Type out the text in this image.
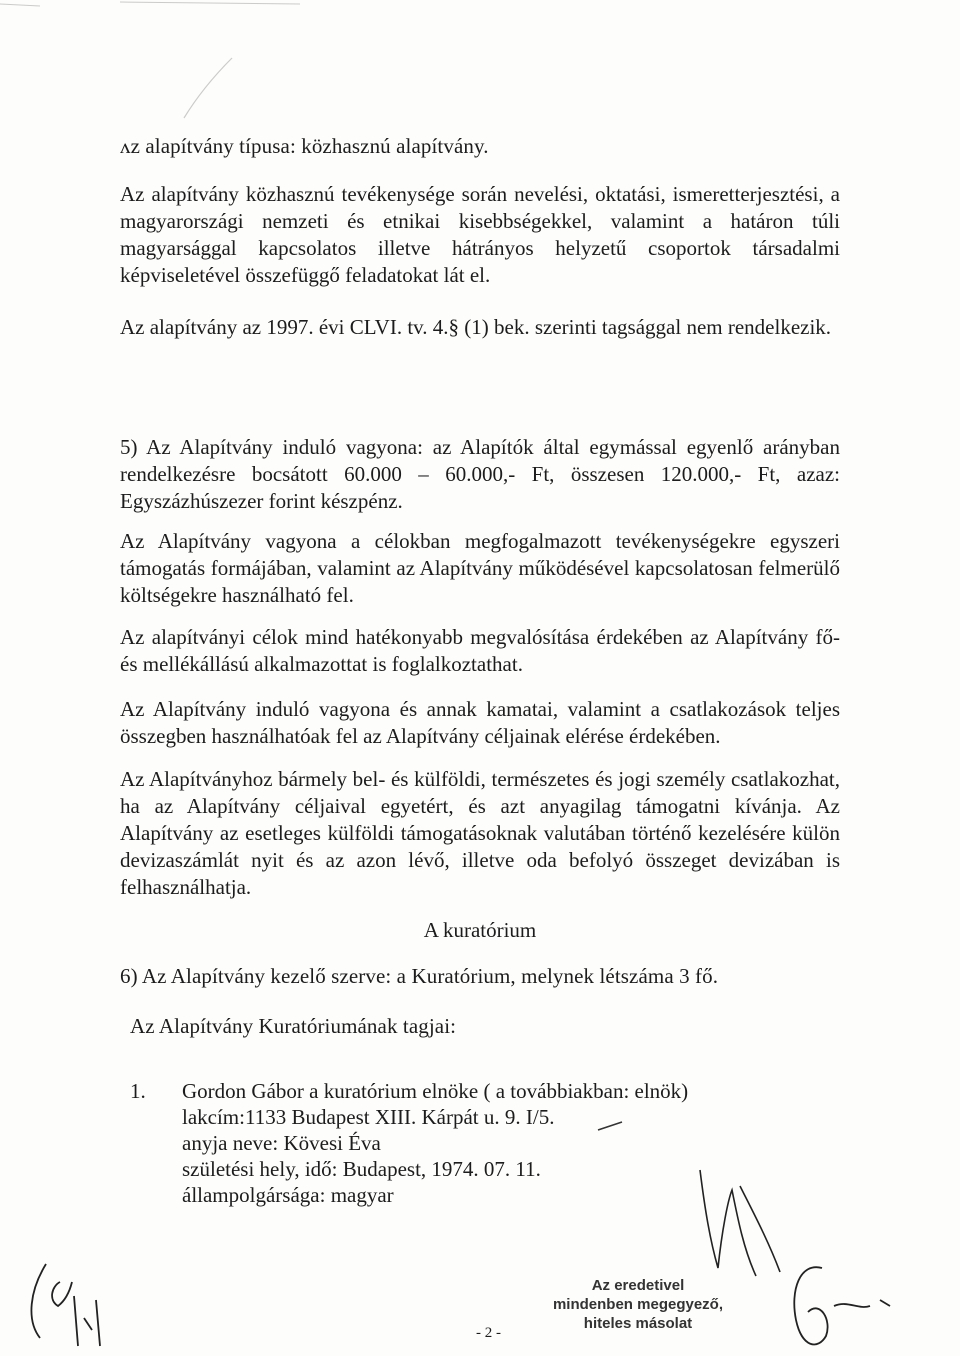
ʌz alapítvány típusa: közhasznú alapítvány.
Az alapítvány közhasznú tevékenysége során nevelési, oktatási, ismeretterjesztési, a magyarországi nemzeti és etnikai kisebbségekkel, valamint a határon túli magyarsággal kapcsolatos illetve hátrányos helyzetű csoportok társadalmi képviseletével összefüggő feladatokat lát el.
Az alapítvány az 1997. évi CLVI. tv. 4.§ (1) bek. szerinti tagsággal nem rendelkezik.
5) Az Alapítvány induló vagyona: az Alapítók által egymással egyenlő arányban rendelkezésre bocsátott 60.000 – 60.000,- Ft, összesen 120.000,- Ft, azaz: Egyszázhúszezer forint készpénz.
Az Alapítvány vagyona a célokban megfogalmazott tevékenységekre egyszeri támogatás formájában, valamint az Alapítvány működésével kapcsolatosan felmerülő költségekre használható fel.
Az alapítványi célok mind hatékonyabb megvalósítása érdekében az Alapítvány fő- és mellékállású alkalmazottat is foglalkoztathat.
Az Alapítvány induló vagyona és annak kamatai, valamint a csatlakozások teljes összegben használhatóak fel az Alapítvány céljainak elérése érdekében.
Az Alapítványhoz bármely bel- és külföldi, természetes és jogi személy csatlakozhat, ha az Alapítvány céljaival egyetért, és azt anyagilag támogatni kívánja. Az Alapítvány az esetleges külföldi támogatásoknak valutában történő kezelésére külön devizaszámlát nyit és az azon lévő, illetve oda befolyó összeget devizában is felhasználhatja.
A kuratórium
6) Az Alapítvány kezelő szerve: a Kuratórium, melynek létszáma 3 fő.
Az Alapítvány Kuratóriumának tagjai:
1. Gordon Gábor a kuratórium elnöke ( a továbbiakban: elnök)
lakcím:1133 Budapest XIII. Kárpát u. 9. I/5.
anyja neve: Kövesi Éva
születési hely, idő: Budapest, 1974. 07. 11.
állampolgársága: magyar
- 2 -
Az eredetivel
mindenben megegyező,
hiteles másolat
